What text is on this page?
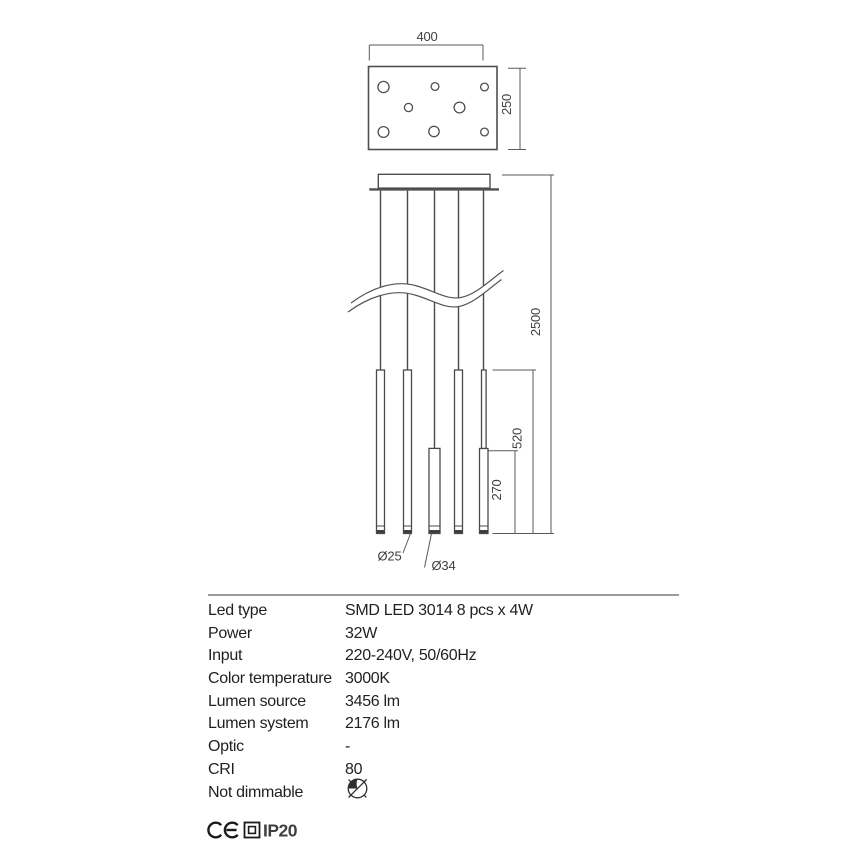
400
250
270
520
2500
Ø25
Ø34
Led type	SMD LED 3014 8 pcs x 4W
Power	32W
Input	220-240V, 50/60Hz
Color temperature 3000K
Lumen source	3456 lm
Lumen system	2176 lm
Optic	-
CRI	80
Not dimmable
IP20
